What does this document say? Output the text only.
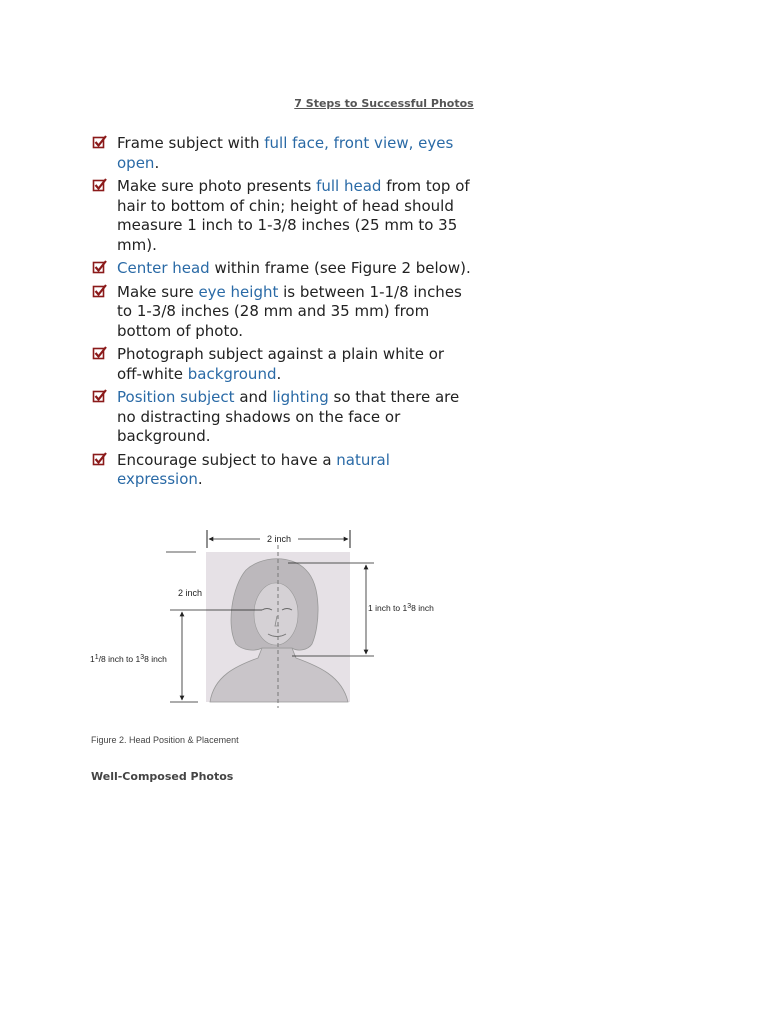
7 Steps to Successful Photos
Frame subject with full face, front view, eyes open.
Make sure photo presents full head from top of hair to bottom of chin; height of head should measure 1 inch to 1-3/8 inches (25 mm to 35 mm).
Center head within frame (see Figure 2 below).
Make sure eye height is between 1-1/8 inches to 1-3/8 inches (28 mm and 35 mm) from bottom of photo.
Photograph subject against a plain white or off-white background.
Position subject and lighting so that there are no distracting shadows on the face or background.
Encourage subject to have a natural expression.
2 inch
1 inch to $1^38$ inch
2 inch
$1^1/8$ inch to $1^38$ inch
Figure 2. Head Position & Placement
Well-Composed Photos
